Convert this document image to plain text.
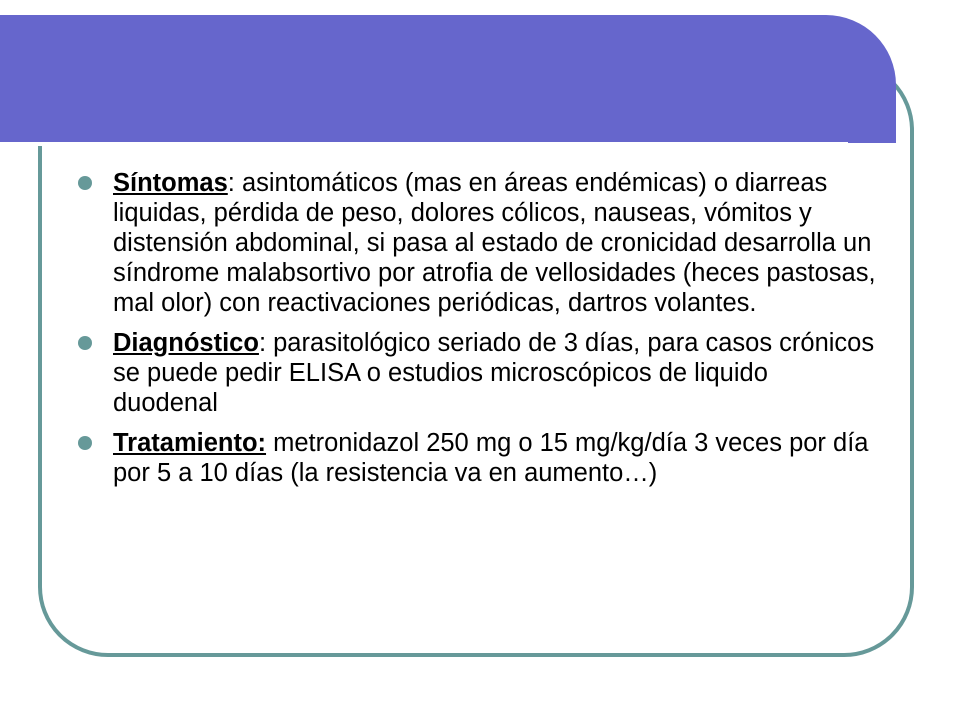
Síntomas: asintomáticos (mas en áreas endémicas) o diarreas liquidas, pérdida de peso, dolores cólicos, nauseas, vómitos y distensión abdominal, si pasa al estado de cronicidad desarrolla un síndrome malabsortivo por atrofia de vellosidades (heces pastosas, mal olor) con reactivaciones periódicas, dartros volantes.
Diagnóstico: parasitológico seriado de 3 días, para casos crónicos se puede pedir ELISA o estudios microscópicos de liquido duodenal
Tratamiento: metronidazol 250 mg o 15 mg/kg/día 3 veces por día por 5 a 10 días (la resistencia va en aumento…)
